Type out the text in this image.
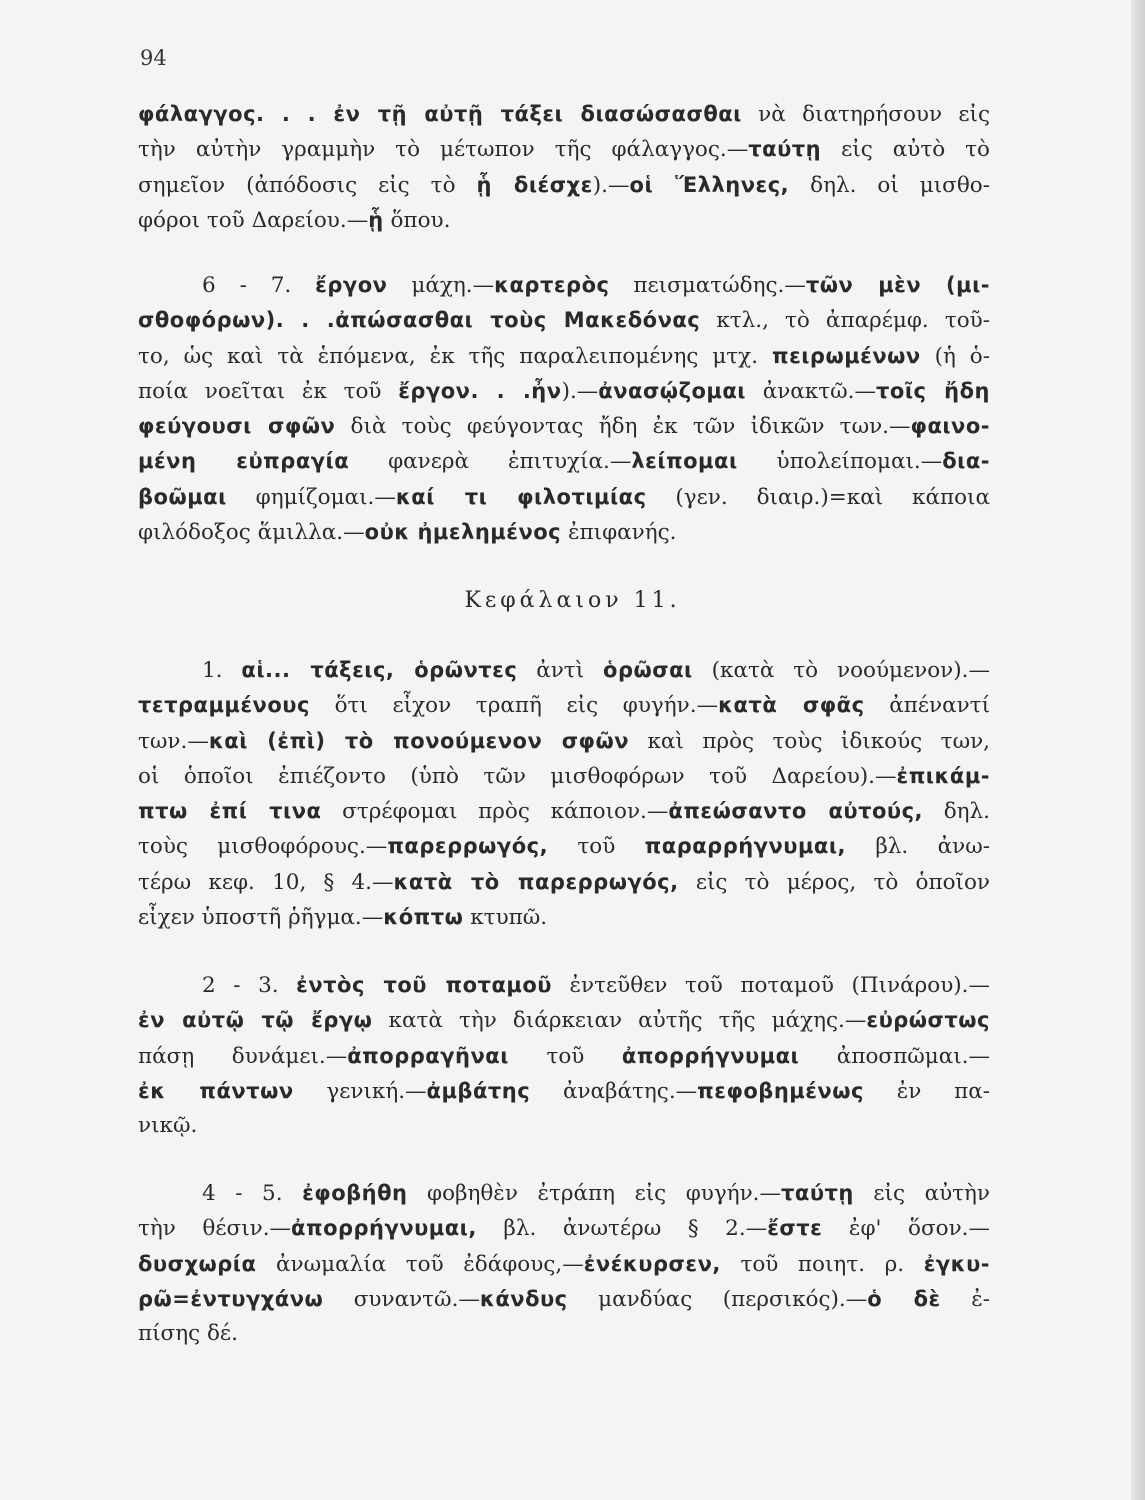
94
φάλαγγος. . . ἐν τῇ αὐτῇ τάξει διασώσασθαι νὰ διατηρήσουν εἰς
τὴν αὐτὴν γραμμὴν τὸ μέτωπον τῆς φάλαγγος.—ταύτῃ εἰς αὐτὸ τὸ
σημεῖον (ἀπόδοσις εἰς τὸ ᾗ διέσχε).—οἱ Ἕλληνες, δηλ. οἱ μισθο-
φόροι τοῦ Δαρείου.—ᾗ ὅπου.
6 - 7. ἔργον μάχη.—καρτερὸς πεισματώδης.—τῶν μὲν (μι-
σθοφόρων). . .ἀπώσασθαι τοὺς Μακεδόνας κτλ., τὸ ἀπαρέμφ. τοῦ-
το, ὡς καὶ τὰ ἑπόμενα, ἐκ τῆς παραλειπομένης μτχ. πειρωμένων (ἡ ὁ-
ποία νοεῖται ἐκ τοῦ ἔργον. . .ἦν).—ἀνασῴζομαι ἀνακτῶ.—τοῖς ἤδη
φεύγουσι σφῶν διὰ τοὺς φεύγοντας ἤδη ἐκ τῶν ἰδικῶν των.—φαινο-
μένη εὐπραγία φανερὰ ἐπιτυχία.—λείπομαι ὑπολείπομαι.—δια-
βοῶμαι φημίζομαι.—καί τι φιλοτιμίας (γεν. διαιρ.)=καὶ κάποια
φιλόδοξος ἅμιλλα.—οὐκ ἠμελημένος ἐπιφανής.
Κεφάλαιον 11.
1. αἱ... τάξεις, ὁρῶντες ἀντὶ ὁρῶσαι (κατὰ τὸ νοούμενον).—
τετραμμένους ὅτι εἶχον τραπῆ εἰς φυγήν.—κατὰ σφᾶς ἀπέναντί
των.—καὶ (ἐπὶ) τὸ πονούμενον σφῶν καὶ πρὸς τοὺς ἰδικούς των,
οἱ ὁποῖοι ἐπιέζοντο (ὑπὸ τῶν μισθοφόρων τοῦ Δαρείου).—ἐπικάμ-
πτω ἐπί τινα στρέφομαι πρὸς κάποιον.—ἀπεώσαντο αὐτούς, δηλ.
τοὺς μισθοφόρους.—παρερρωγός, τοῦ παραρρήγνυμαι, βλ. ἀνω-
τέρω κεφ. 10, § 4.—κατὰ τὸ παρερρωγός, εἰς τὸ μέρος, τὸ ὁποῖον
εἶχεν ὑποστῆ ῥῆγμα.—κόπτω κτυπῶ.
2 - 3. ἐντὸς τοῦ ποταμοῦ ἐντεῦθεν τοῦ ποταμοῦ (Πινάρου).—
ἐν αὐτῷ τῷ ἔργῳ κατὰ τὴν διάρκειαν αὐτῆς τῆς μάχης.—εὐρώστως
πάσῃ δυνάμει.—ἀπορραγῆναι τοῦ ἀπορρήγνυμαι ἀποσπῶμαι.—
ἐκ πάντων γενική.—ἀμβάτης ἀναβάτης.—πεφοβημένως ἐν πα-
νικῷ.
4 - 5. ἐφοβήθη φοβηθὲν ἐτράπη εἰς φυγήν.—ταύτῃ εἰς αὐτὴν
τὴν θέσιν.—ἀπορρήγνυμαι, βλ. ἀνωτέρω § 2.—ἔστε ἐφ' ὅσον.—
δυσχωρία ἀνωμαλία τοῦ ἐδάφους,—ἐνέκυρσεν, τοῦ ποιητ. ρ. ἐγκυ-
ρῶ=ἐντυγχάνω συναντῶ.—κάνδυς μανδύας (περσικός).—ὁ δὲ ἐ-
πίσης δέ.
